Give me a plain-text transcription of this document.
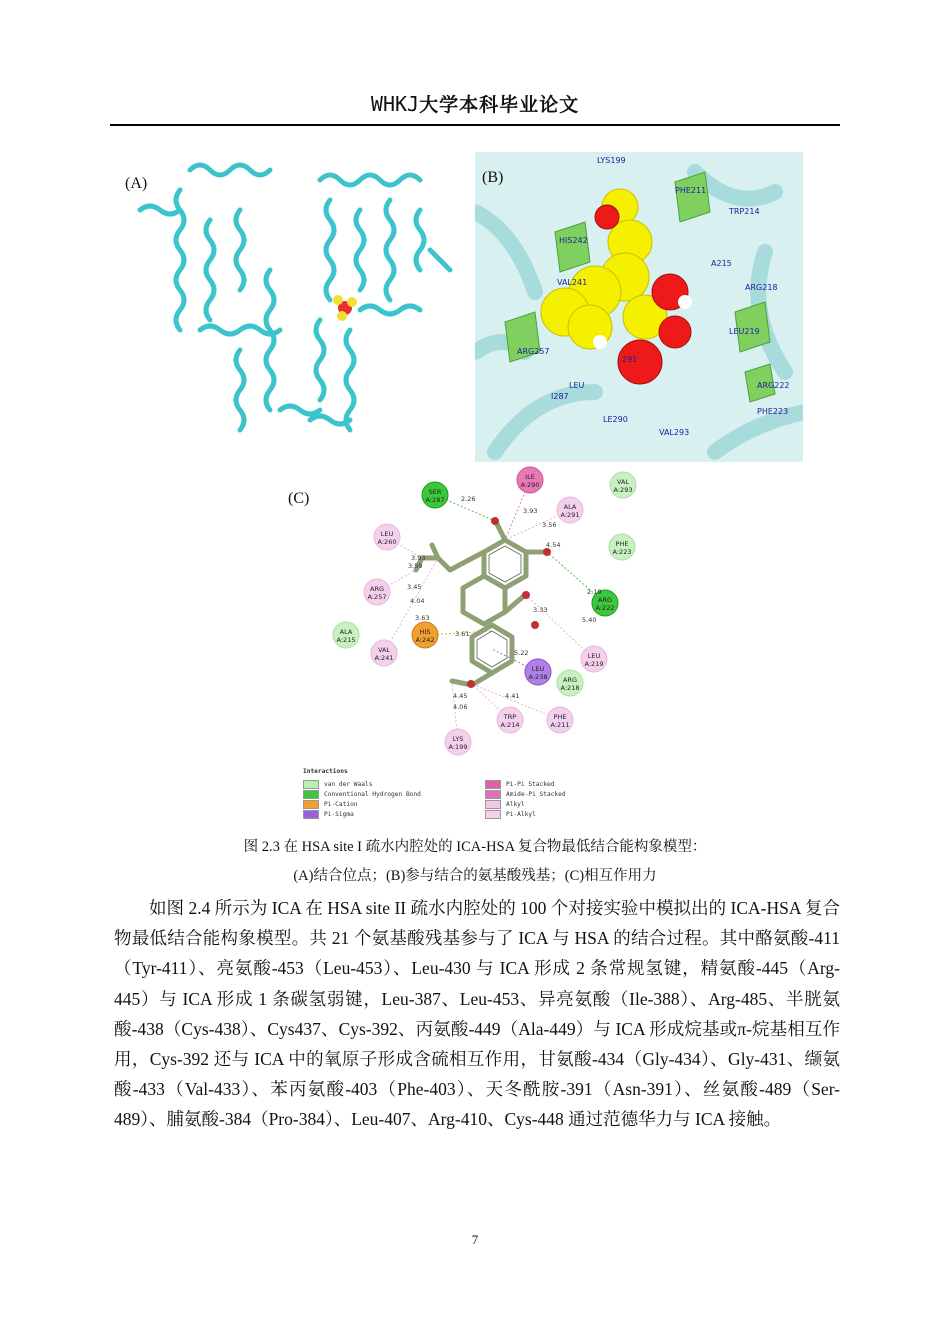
WHKJ大学本科毕业论文
(A)	(B)
LYS199
PHE211
TRP214
HIS242
A215
ARG218
VAL241
LEU219
ARG257
291
LEU
I287
ARG222
LE290
PHE223
VAL293
(C)	SER
A:287
ILE
A:290	VAL
A:293
ALA
A:291
LEU
A:260	PHE
A:223
ARG
A:257	ARG
A:222
ALA
A:215
HIS
A:242
VAL
A:241	LEU
A:219
LEU
A:238 ARG
A:218
TRP
A:214
PHE
A:211
LYS
A:199
2.26
3.93
3.56
4.54
3.93
3.59
3.45
4.04
3.63
3.61
2.19
3.33
5.40
5.22
4.45	4.41
4.06
Interactions
van der Waals
Conventional Hydrogen Bond
Pi-Cation
Pi-Sigma
Pi-Pi Stacked
Amide-Pi Stacked
Alkyl
Pi-Alkyl
图 2.3 在 HSA site I 疏水内腔处的 ICA-HSA 复合物最低结合能构象模型：
(A)结合位点；(B)参与结合的氨基酸残基；(C)相互作用力

如图 2.4 所示为 ICA 在 HSA site II 疏水内腔处的 100 个对接实验中模拟出的 ICA-HSA 复合物最低结合能构象模型。共 21 个氨基酸残基参与了 ICA 与 HSA 的结合过程。其中酪氨酸-411（Tyr-411）、亮氨酸-453（Leu-453）、Leu-430 与 ICA 形成 2 条常规氢键，精氨酸-445（Arg-445）与 ICA 形成 1 条碳氢弱键，Leu-387、Leu-453、异亮氨酸（Ile-388）、Arg-485、半胱氨酸-438（Cys-438）、Cys437、Cys-392、丙氨酸-449（Ala-449）与 ICA 形成烷基或π-烷基相互作用，Cys-392 还与 ICA 中的氧原子形成含硫相互作用，甘氨酸-434（Gly-434）、Gly-431、缬氨酸-433（Val-433）、苯丙氨酸-403（Phe-403）、天冬酰胺-391（Asn-391）、丝氨酸-489（Ser-489）、脯氨酸-384（Pro-384）、Leu-407、Arg-410、Cys-448 通过范德华力与 ICA 接触。

7
